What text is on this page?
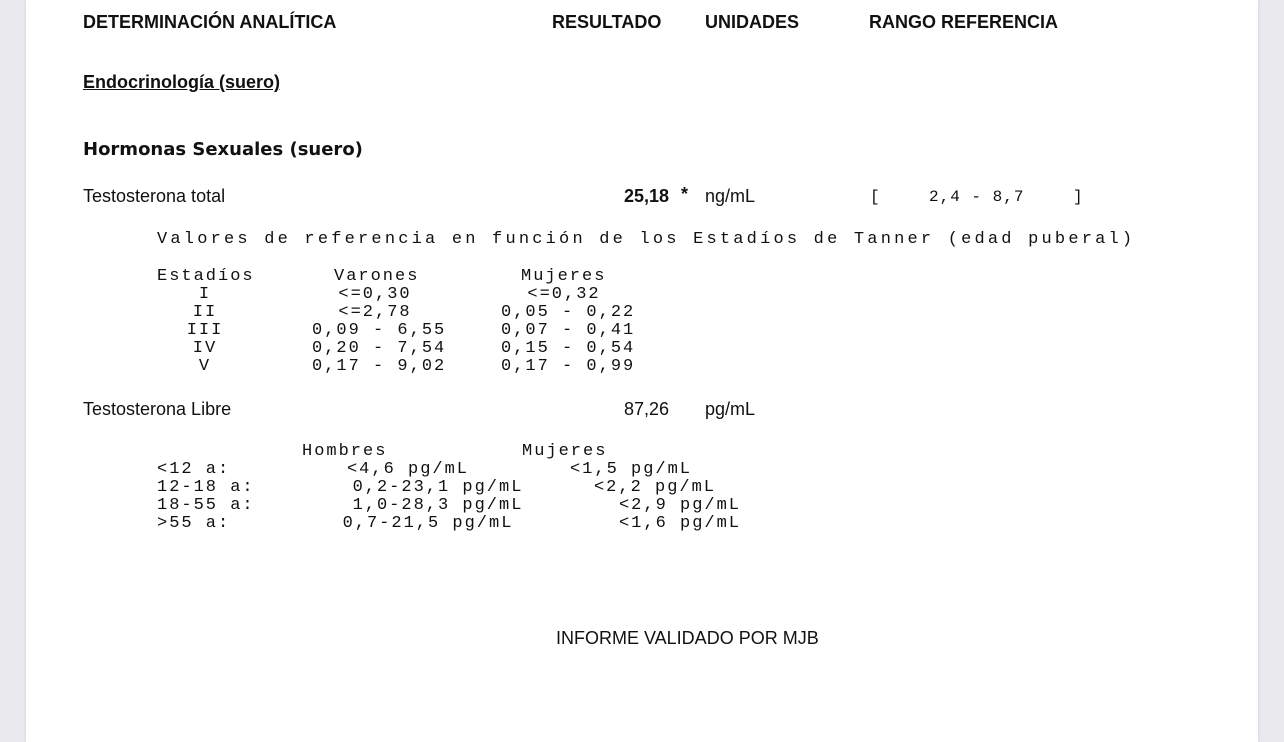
DETERMINACIÓN ANALÍTICA	RESULTADO UNIDADES	RANGO REFERENCIA
Endocrinología (suero)
Hormonas Sexuales (suero)
Testosterona total	25,18 * ng/mL	[	2,4 - 8,7	]
Valores de referencia en función de los Estadíos de Tanner (edad puberal)
Estadíos	Varones	Mujeres
I	<=0,30	<=0,32
II	<=2,78	0,05 - 0,22
III	0,09 - 6,55	0,07 - 0,41
IV	0,20 - 7,54	0,15 - 0,54
V	0,17 - 9,02	0,17 - 0,99
Testosterona Libre	87,26 pg/mL
Hombres	Mujeres
<12 a:	<4,6 pg/mL	<1,5 pg/mL
12-18 a:	0,2-23,1 pg/mL	<2,2 pg/mL
18-55 a:	1,0-28,3 pg/mL	<2,9 pg/mL
>55 a:	0,7-21,5 pg/mL	<1,6 pg/mL
INFORME VALIDADO POR MJB
